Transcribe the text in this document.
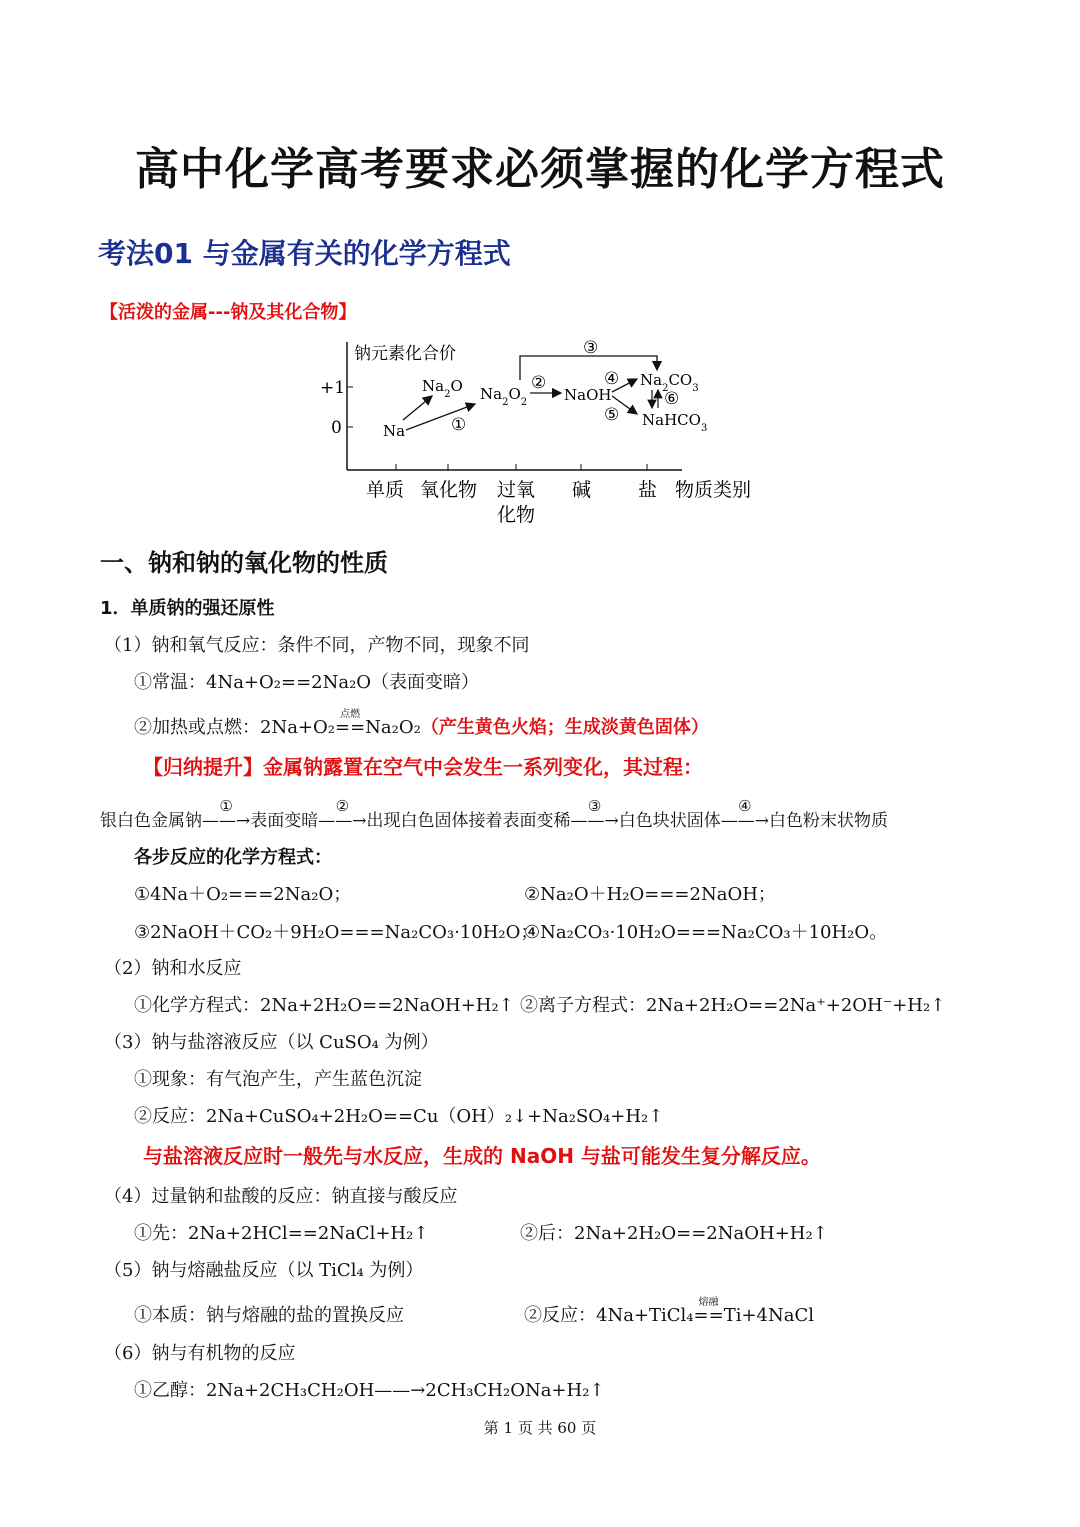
高中化学高考要求必须掌握的化学方程式
考法01 与金属有关的化学方程式
【活泼的金属---钠及其化合物】
钠元素化合价
+1
0	Na
$Na_2O$ $Na_2O_2$ NaOH
$Na_2CO_3$
NaHCO$_3$
①
②
③
④
⑤
⑥
单质 氧化物 过氧
化物
碱 盐 物质类别
一、钠和钠的氧化物的性质
1．单质钠的强还原性
（1）钠和氧气反应：条件不同，产物不同，现象不同
①常温：4Na+O₂==2Na₂O（表面变暗）
②加热或点燃：2Na+O₂
点燃
==Na₂O₂（产生黄色火焰；生成淡黄色固体）
【归纳提升】金属钠露置在空气中会发生一系列变化，其过程：
银白色金属钠
①
——→表面变暗
②
——→出现白色固体接着表面变稀
③
——→白色块状固体
④
——→白色粉末状物质
各步反应的化学方程式：
①4Na＋O₂===2Na₂O；	②Na₂O＋H₂O===2NaOH；
③2NaOH＋CO₂＋9H₂O===Na₂CO₃·10H₂O；
④Na₂CO₃·10H₂O===Na₂CO₃＋10H₂O。
（2）钠和水反应
①化学方程式：2Na+2H₂O==2NaOH+H₂↑ ②离子方程式：2Na+2H₂O==2Na⁺+2OH⁻+H₂↑
（3）钠与盐溶液反应（以 CuSO₄ 为例）
①现象：有气泡产生，产生蓝色沉淀
②反应：2Na+CuSO₄+2H₂O==Cu（OH）₂↓+Na₂SO₄+H₂↑
与盐溶液反应时一般先与水反应，生成的 NaOH 与盐可能发生复分解反应。
（4）过量钠和盐酸的反应：钠直接与酸反应
①先：2Na+2HCl==2NaCl+H₂↑	②后：2Na+2H₂O==2NaOH+H₂↑
（5）钠与熔融盐反应（以 TiCl₄ 为例）
①本质：钠与熔融的盐的置换反应	②反应：4Na+TiCl₄
熔融
==Ti+4NaCl
（6）钠与有机物的反应
①乙醇：2Na+2CH₃CH₂OH——→2CH₃CH₂ONa+H₂↑
第 1 页 共 60 页
